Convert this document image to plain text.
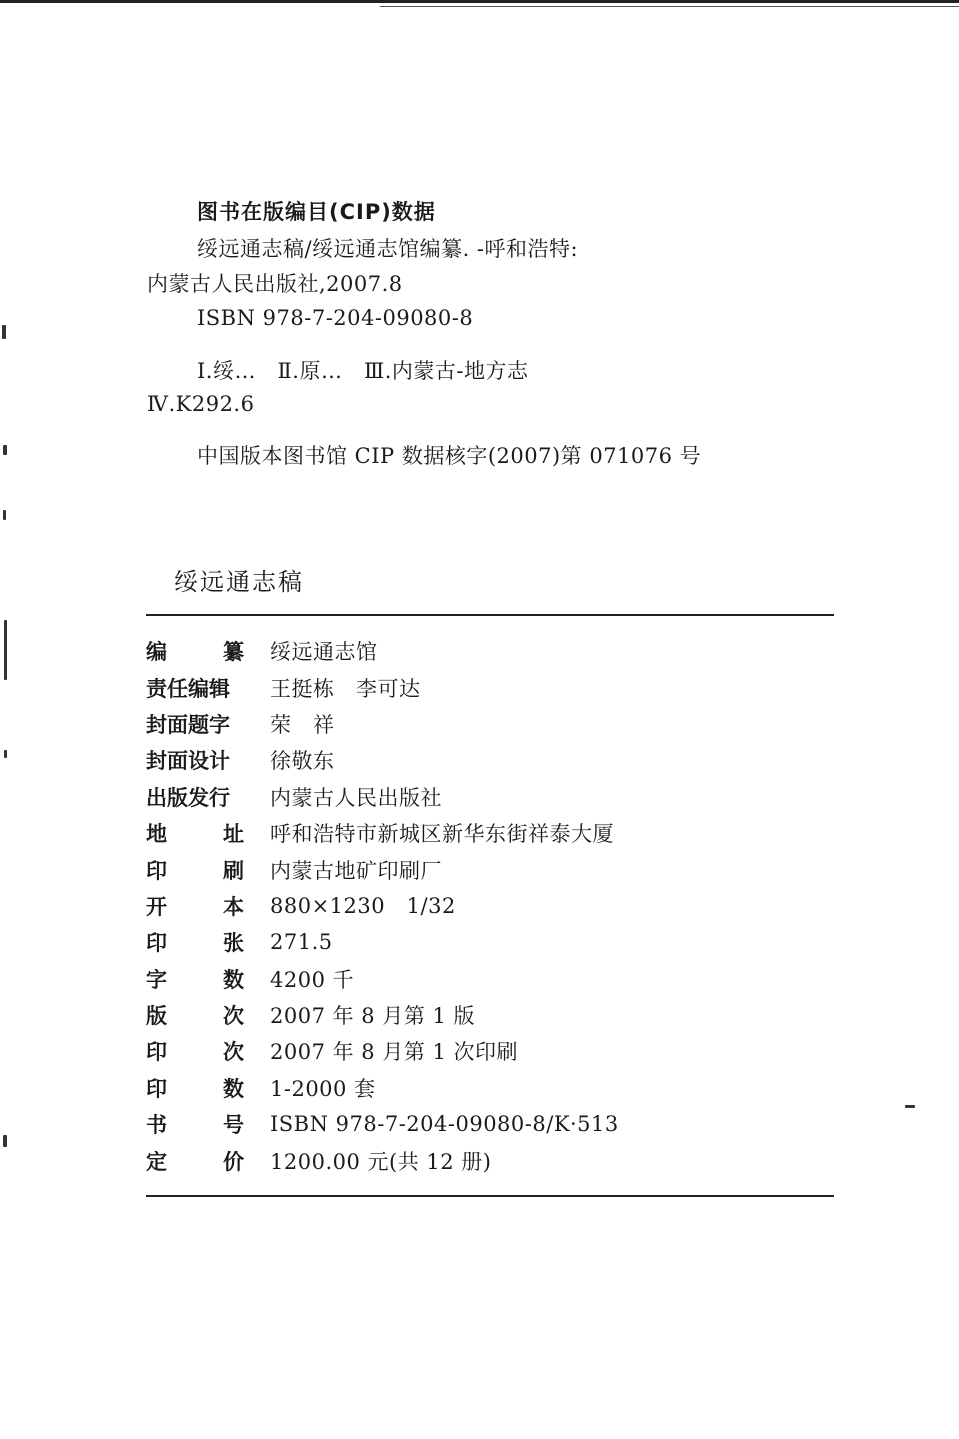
图书在版编目(CIP)数据
绥远通志稿/绥远通志馆编纂. -呼和浩特:
内蒙古人民出版社,2007.8
ISBN 978-7-204-09080-8
Ⅰ.绥…   Ⅱ.原…   Ⅲ.内蒙古-地方志
Ⅳ.K292.6
中国版本图书馆 CIP 数据核字(2007)第 071076 号
绥远通志稿
编	纂 绥远通志馆
责任编辑 王挺栋   李可达
封面题字 荣   祥
封面设计 徐敬东
出版发行 内蒙古人民出版社
地	址 呼和浩特市新城区新华东街祥泰大厦
印	刷 内蒙古地矿印刷厂
开	本 880×1230   1/32
印	张 271.5
字	数 4200 千
版	次 2007 年 8 月第 1 版
印	次 2007 年 8 月第 1 次印刷
印	数 1-2000 套
书	号 ISBN 978-7-204-09080-8/K·513
定	价 1200.00 元(共 12 册)
